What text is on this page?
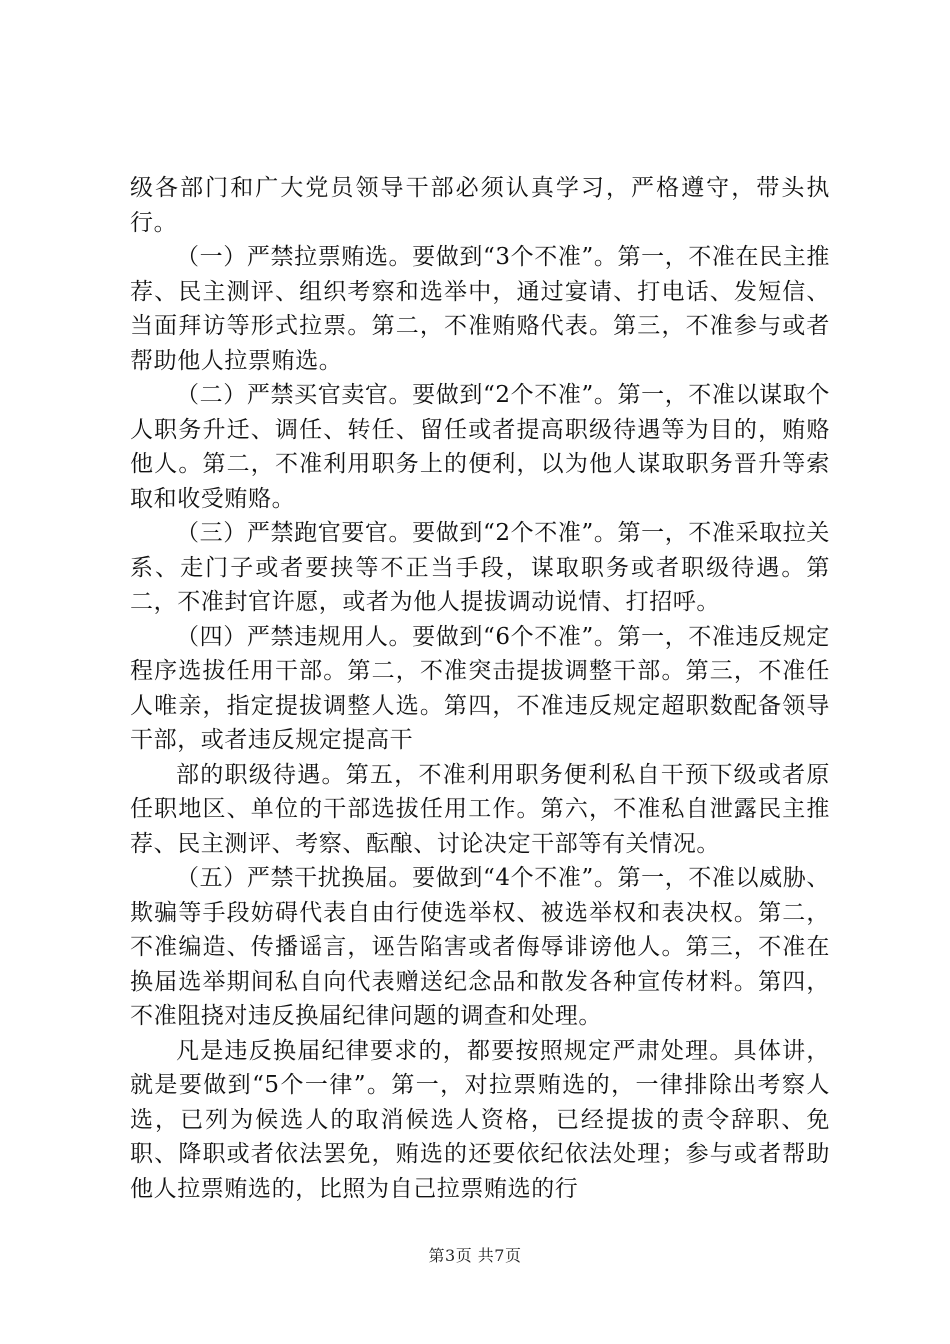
级各部门和广大党员领导干部必须认真学习，严格遵守，带头执行。

（一）严禁拉票贿选。要做到“3个不准”。第一，不准在民主推荐、民主测评、组织考察和选举中，通过宴请、打电话、发短信、当面拜访等形式拉票。第二，不准贿赂代表。第三，不准参与或者帮助他人拉票贿选。

（二）严禁买官卖官。要做到“2个不准”。第一，不准以谋取个人职务升迁、调任、转任、留任或者提高职级待遇等为目的，贿赂他人。第二，不准利用职务上的便利，以为他人谋取职务晋升等索取和收受贿赂。

（三）严禁跑官要官。要做到“2个不准”。第一，不准采取拉关系、走门子或者要挟等不正当手段，谋取职务或者职级待遇。第二，不准封官许愿，或者为他人提拔调动说情、打招呼。

（四）严禁违规用人。要做到“6个不准”。第一，不准违反规定程序选拔任用干部。第二，不准突击提拔调整干部。第三，不准任人唯亲，指定提拔调整人选。第四，不准违反规定超职数配备领导干部，或者违反规定提高干

部的职级待遇。第五，不准利用职务便利私自干预下级或者原任职地区、单位的干部选拔任用工作。第六，不准私自泄露民主推荐、民主测评、考察、酝酿、讨论决定干部等有关情况。

（五）严禁干扰换届。要做到“4个不准”。第一，不准以威胁、欺骗等手段妨碍代表自由行使选举权、被选举权和表决权。第二，不准编造、传播谣言，诬告陷害或者侮辱诽谤他人。第三，不准在换届选举期间私自向代表赠送纪念品和散发各种宣传材料。第四，不准阻挠对违反换届纪律问题的调查和处理。

凡是违反换届纪律要求的，都要按照规定严肃处理。具体讲，就是要做到“5个一律”。第一，对拉票贿选的，一律排除出考察人选，已列为候选人的取消候选人资格，已经提拔的责令辞职、免职、降职或者依法罢免，贿选的还要依纪依法处理；参与或者帮助他人拉票贿选的，比照为自己拉票贿选的行

第3页 共7页
